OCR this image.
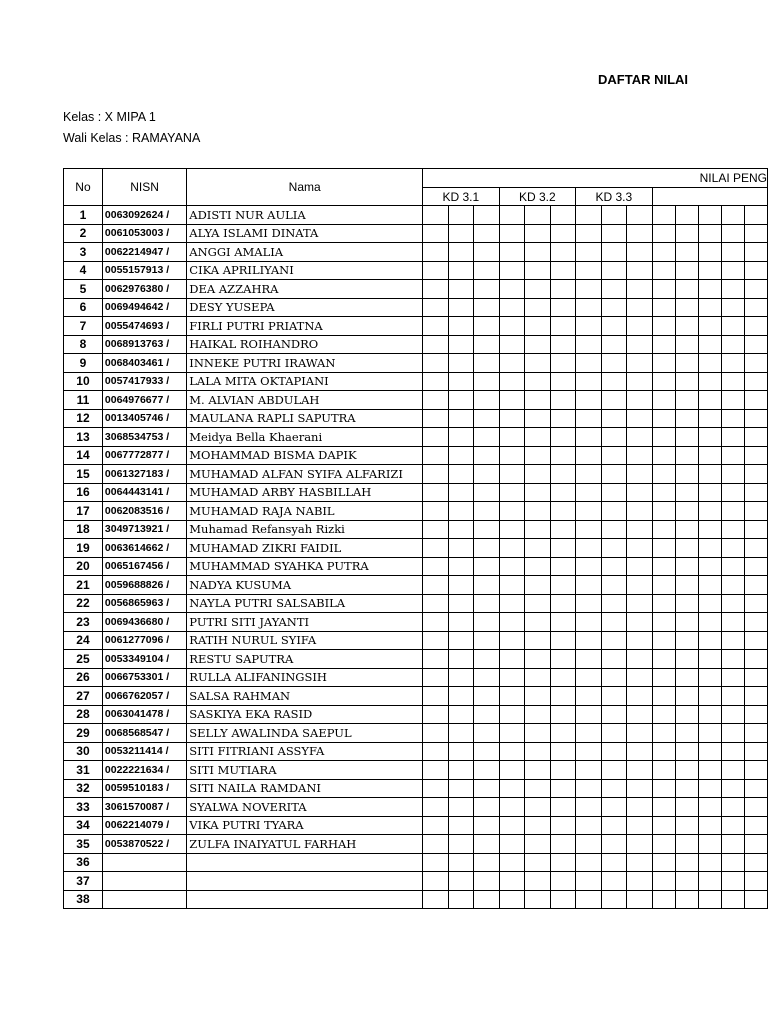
DAFTAR NILAI
Kelas : X MIPA 1
Wali Kelas : RAMAYANA
No	NISN	Nama	NILAI PENG													
			KD 3.1			KD 3.2			KD 3.3							
1	0063092624 /	ADISTI NUR AULIA														
2	0061053003 /	ALYA ISLAMI DINATA														
3	0062214947 /	ANGGI AMALIA														
4	0055157913 /	CIKA APRILIYANI														
5	0062976380 /	DEA AZZAHRA														
6	0069494642 /	DESY YUSEPA														
7	0055474693 /	FIRLI PUTRI PRIATNA														
8	0068913763 /	HAIKAL ROIHANDRO														
9	0068403461 /	INNEKE PUTRI IRAWAN														
10	0057417933 /	LALA MITA OKTAPIANI														
11	0064976677 /	M. ALVIAN ABDULAH														
12	0013405746 /	MAULANA RAPLI SAPUTRA														
13	3068534753 /	Meidya Bella Khaerani														
14	0067772877 /	MOHAMMAD BISMA DAPIK														
15	0061327183 /	MUHAMAD ALFAN SYIFA ALFARIZI														
16	0064443141 /	MUHAMAD ARBY HASBILLAH														
17	0062083516 /	MUHAMAD RAJA NABIL														
18	3049713921 /	Muhamad Refansyah Rizki														
19	0063614662 /	MUHAMAD ZIKRI FAIDIL														
20	0065167456 /	MUHAMMAD SYAHKA PUTRA														
21	0059688826 /	NADYA KUSUMA														
22	0056865963 /	NAYLA PUTRI SALSABILA														
23	0069436680 /	PUTRI SITI JAYANTI														
24	0061277096 /	RATIH NURUL SYIFA														
25	0053349104 /	RESTU SAPUTRA														
26	0066753301 /	RULLA ALIFANINGSIH														
27	0066762057 /	SALSA RAHMAN														
28	0063041478 /	SASKIYA EKA RASID														
29	0068568547 /	SELLY AWALINDA SAEPUL														
30	0053211414 /	SITI FITRIANI ASSYFA														
31	0022221634 /	SITI MUTIARA														
32	0059510183 /	SITI NAILA RAMDANI														
33	3061570087 /	SYALWA NOVERITA														
34	0062214079 /	VIKA PUTRI TYARA														
35	0053870522 /	ZULFA INAIYATUL FARHAH														
36																
37																
38																
